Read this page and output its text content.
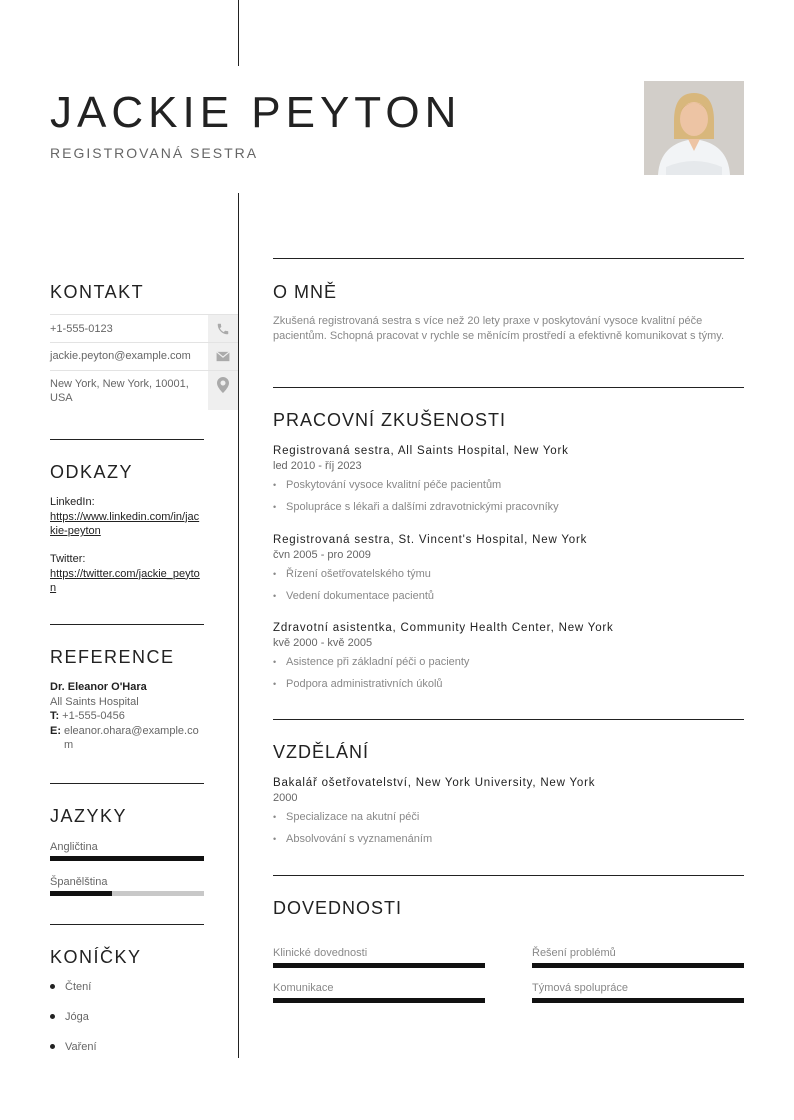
JACKIE PEYTON
REGISTROVANÁ SESTRA
KONTAKT
+1-555-0123
jackie.peyton@example.com
New York, New York, 10001, USA
ODKAZY
LinkedIn:
https://www.linkedin.com/in/jackie-peyton
Twitter:
https://twitter.com/jackie_peyton
REFERENCE
Dr. Eleanor O'Hara
All Saints Hospital
T: +1-555-0456
E: eleanor.ohara@example.com
JAZYKY
Angličtina
Španělština
KONÍČKY
Čtení
Jóga
Vaření
O MNĚ
Zkušená registrovaná sestra s více než 20 lety praxe v poskytování vysoce kvalitní péče pacientům. Schopná pracovat v rychle se měnícím prostředí a efektivně komunikovat s týmy.
PRACOVNÍ ZKUŠENOSTI
Registrovaná sestra, All Saints Hospital, New York
led 2010 - říj 2023
• Poskytování vysoce kvalitní péče pacientům
• Spolupráce s lékaři a dalšími zdravotnickými pracovníky
Registrovaná sestra, St. Vincent's Hospital, New York
čvn 2005 - pro 2009
• Řízení ošetřovatelského týmu
• Vedení dokumentace pacientů
Zdravotní asistentka, Community Health Center, New York
kvě 2000 - kvě 2005
• Asistence při základní péči o pacienty
• Podpora administrativních úkolů
VZDĚLÁNÍ
Bakalář ošetřovatelství, New York University, New York
2000
• Specializace na akutní péči
• Absolvování s vyznamenáním
DOVEDNOSTI
Klinické dovednosti	Řešení problémů
Komunikace	Týmová spolupráce
